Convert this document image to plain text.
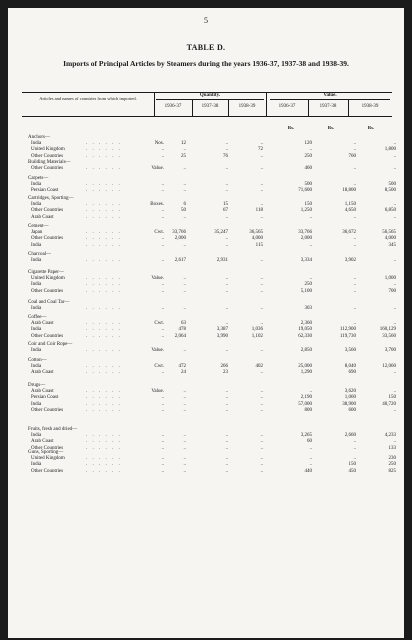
5
TABLE D.
Imports of Principal Articles by Steamers during the years 1936-37, 1937-38 and 1938-39.
Articles and names of countries from which imported.
Quantity.	Value.
1936-37	1937-38	1938-39	1936-37	1937-38	1938-39
Rs.	Rs.	Rs.
Anchors—
India	. . . . . .	Nos.	12	..	..	120	..	..
United Kingdom	. . . . . .	..	..	..	72	..	..	1,800
Other Countries	. . . . . .	..	25	76	..	250	760	..
Building Materials—
Other Countries	. . . . . .	Value.	..	..	..	460	..	..
Carpets—
India	. . . . . .	..	..	..	..	500	..	500
Persian Coast	. . . . . .	..	..	..	..	71,600	18,800	8,500
Cartridges, Sporting—
India	. . . . . .	Boxes.	6	15	..	150	1,150	..
Other Countries	. . . . . .	..	50	67	118	1,250	4,650	6,850
Arab Coast	. . . . . .	..	..	..	..	..	..	..
Cement—
Japan	. . . . . .	Cwt.	33,766	35,247	36,565	33,766	36,672	56,565
Other Countries	. . . . . .	..	2,000	..	4,000	2,000	..	4,000
India	. . . . . .	..	..	..	115	..	..	345
Charcoal—
India	. . . . . .	..	2,617	2,931	..	3,334	3,902	..
Cigarette Paper—
United Kingdom	. . . . . .	Value.	..	..	..	..	..	1,000
India	. . . . . .	..	..	..	..	250	..	..
Other Countries	. . . . . .	..	..	..	..	5,100	..	700
Coal and Coal Tar—
India	. . . . . .	..	..	..	..	303	..	..
Coffee—
Arab Coast	. . . . . .	Cwt.	63	..	..	2,360	..	..
India	. . . . . .	..	478	3,387	1,036	19,050	112,900	160,129
Other Countries	. . . . . .	..	2,064	3,990	1,102	62,330	119,730	33,560
Coir and Coir Rope—
India	. . . . . .	Value.	..	..	..	2,850	3,560	3,700
Cotton—
India	. . . . . .	Cwt.	472	266	402	25,000	8,040	12,060
Arab Coast	. . . . . .	..	24	23	..	1,290	690	..
Drugs—
Arab Coast	. . . . . .	Value.	..	..	..	..	3,620	..
Persian Coast	. . . . . .	..	..	..	..	2,190	1,060	150
India	. . . . . .	..	..	..	..	57,000	38,900	40,720
Other Countries	. . . . . .	..	..	..	..	800	600	..
Fruits, fresh and dried—
India	. . . . . .	..	..	..	..	3,265	2,660	4,233
Arab Coast	. . . . . .	..	..	..	..	60	..	..
Other Countries	. . . . . .	..	..	..	..	..	..	133
Guns, Sporting—
United Kingdom	. . . . . .	..	..	..	..	..	..	230
India	. . . . . .	..	..	..	..	..	150	250
Other Countries	. . . . . .	..	..	..	..	440	450	825
